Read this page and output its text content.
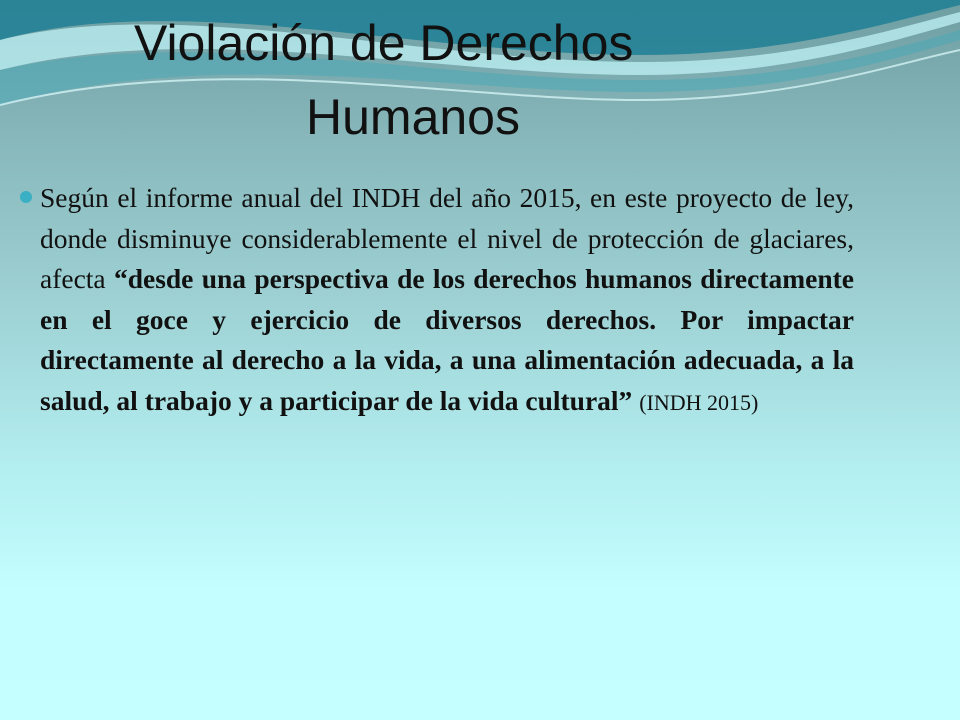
Violación de Derechos
Humanos

Según el informe anual del INDH del año 2015, en este proyecto de ley, donde disminuye considerablemente el nivel de protección de glaciares, afecta “desde una perspectiva de los derechos humanos directamente en el goce y ejercicio de diversos derechos. Por impactar directamente al derecho a la vida, a una alimentación adecuada, a la salud, al trabajo y a participar de la vida cultural” (INDH 2015)
